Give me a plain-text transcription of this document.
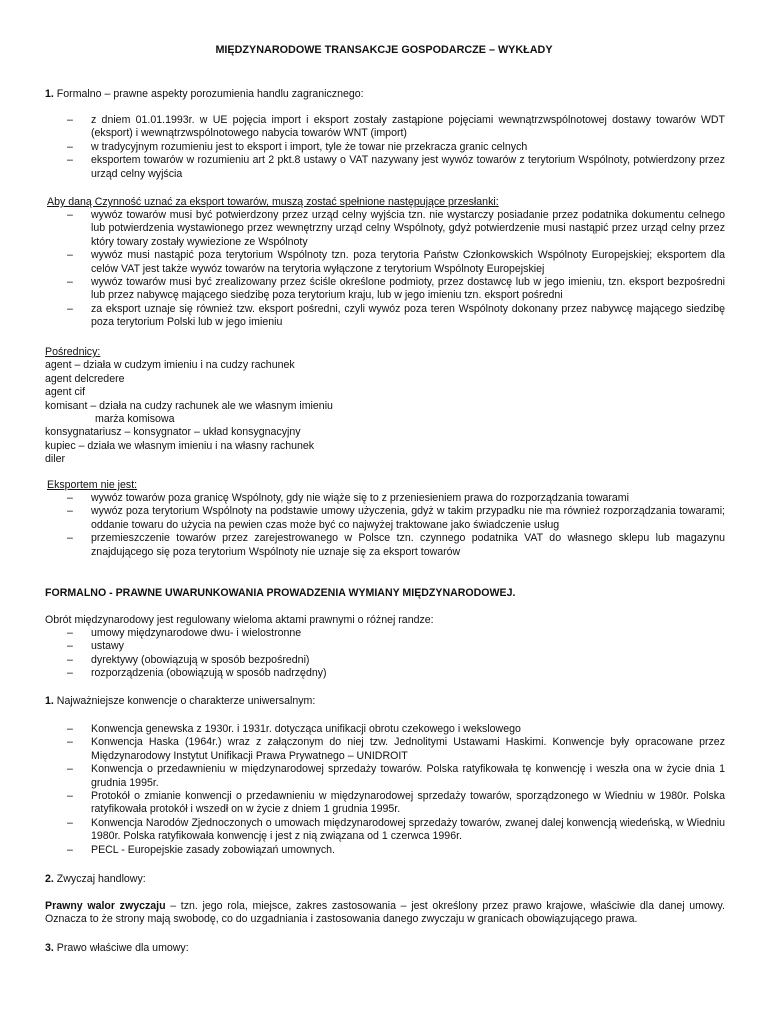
MIĘDZYNARODOWE TRANSAKCJE GOSPODARCZE – WYKŁADY
1. Formalno – prawne aspekty porozumienia handlu zagranicznego:
– z dniem 01.01.1993r. w UE pojęcia import i eksport zostały zastąpione pojęciami wewnątrzwspólnotowej dostawy towarów WDT (eksport) i wewnątrzwspólnotowego nabycia towarów WNT (import)
– w tradycyjnym rozumieniu jest to eksport i import, tyle że towar nie przekracza granic celnych
– eksportem towarów w rozumieniu art 2 pkt.8 ustawy o VAT nazywany jest wywóz towarów z terytorium Wspólnoty, potwierdzony przez urząd celny wyjścia
Aby daną Czynność uznać za eksport towarów, muszą zostać spełnione następujące przesłanki:
– wywóz towarów musi być potwierdzony przez urząd celny wyjścia tzn. nie wystarczy posiadanie przez podatnika dokumentu celnego lub potwierdzenia wystawionego przez wewnętrzny urząd celny Wspólnoty, gdyż potwierdzenie musi nastąpić przez urząd celny przez który towary zostały wywiezione ze Wspólnoty
– wywóz musi nastąpić poza terytorium Wspólnoty tzn. poza terytoria Państw Członkowskich Wspólnoty Europejskiej; eksportem dla celów VAT jest także wywóz towarów na terytoria wyłączone z terytorium Wspólnoty Europejskiej
– wywóz towarów musi być zrealizowany przez ściśle określone podmioty, przez dostawcę lub w jego imieniu, tzn. eksport bezpośredni lub przez nabywcę mającego siedzibę poza terytorium kraju, lub w jego imieniu tzn. eksport pośredni
– za eksport uznaje się również tzw. eksport pośredni, czyli wywóz poza teren Wspólnoty dokonany przez nabywcę mającego siedzibę poza terytorium Polski lub w jego imieniu
Pośrednicy:
agent – działa w cudzym imieniu i na cudzy rachunek
agent delcredere
agent cif
komisant – działa na cudzy rachunek ale we własnym imieniu
marża komisowa
konsygnatariusz – konsygnator – układ konsygnacyjny
kupiec – działa we własnym imieniu i na własny rachunek
diler
Eksportem nie jest:
– wywóz towarów poza granicę Wspólnoty, gdy nie wiąże się to z przeniesieniem prawa do rozporządzania towarami
– wywóz poza terytorium Wspólnoty na podstawie umowy użyczenia, gdyż w takim przypadku nie ma również rozporządzania towarami; oddanie towaru do użycia na pewien czas może być co najwyżej traktowane jako świadczenie usług
– przemieszczenie towarów przez zarejestrowanego w Polsce tzn. czynnego podatnika VAT do własnego sklepu lub magazynu znajdującego się poza terytorium Wspólnoty nie uznaje się za eksport towarów
FORMALNO - PRAWNE UWARUNKOWANIA PROWADZENIA WYMIANY MIĘDZYNARODOWEJ.
Obrót międzynarodowy jest regulowany wieloma aktami prawnymi o różnej randze:
– umowy międzynarodowe dwu- i wielostronne
– ustawy
– dyrektywy (obowiązują w sposób bezpośredni)
– rozporządzenia (obowiązują w sposób nadrzędny)
1. Najważniejsze konwencje o charakterze uniwersalnym:
– Konwencja genewska z 1930r. i 1931r. dotycząca unifikacji obrotu czekowego i wekslowego
– Konwencja Haska (1964r.) wraz z załączonym do niej tzw. Jednolitymi Ustawami Haskimi. Konwencje były opracowane przez Międzynarodowy Instytut Unifikacji Prawa Prywatnego – UNIDROIT
– Konwencja o przedawnieniu w międzynarodowej sprzedaży towarów. Polska ratyfikowała tę konwencję i weszła ona w życie dnia 1 grudnia 1995r.
– Protokół o zmianie konwencji o przedawnieniu w międzynarodowej sprzedaży towarów, sporządzonego w Wiedniu w 1980r. Polska ratyfikowała protokół i wszedł on w życie z dniem 1 grudnia 1995r.
– Konwencja Narodów Zjednoczonych o umowach międzynarodowej sprzedaży towarów, zwanej dalej konwencją wiedeńską, w Wiedniu 1980r. Polska ratyfikowała konwencję i jest z nią związana od 1 czerwca 1996r.
– PECL - Europejskie zasady zobowiązań umownych.
2. Zwyczaj handlowy:
Prawny walor zwyczaju – tzn. jego rola, miejsce, zakres zastosowania – jest określony przez prawo krajowe, właściwie dla danej umowy. Oznacza to że strony mają swobodę, co do uzgadniania i zastosowania danego zwyczaju w granicach obowiązującego prawa.
3. Prawo właściwe dla umowy:
